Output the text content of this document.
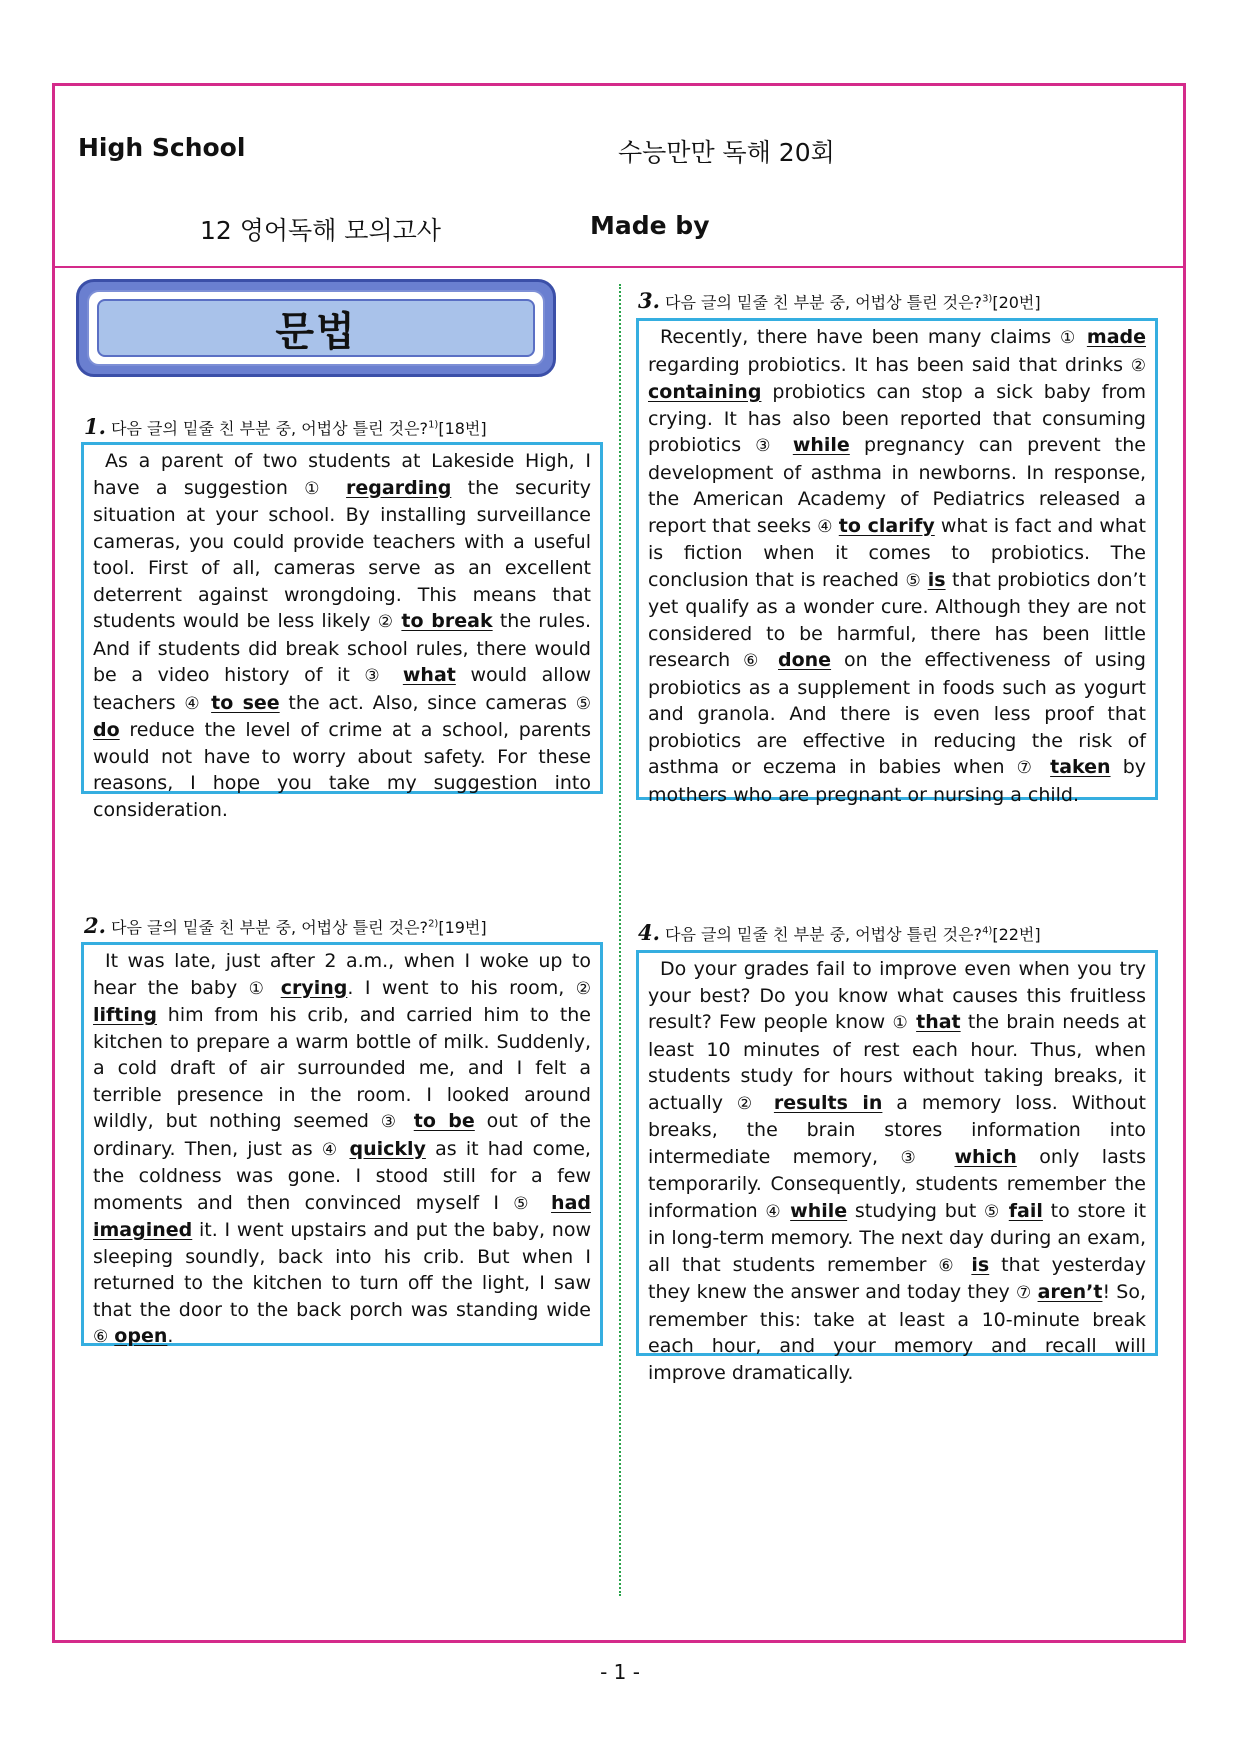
High School	수능만만 독해 20회
12 영어독해 모의고사	Made by
문법
1. 다음 글의 밑줄 친 부분 중, 어법상 틀린 것은?$^{1)}$[18번]

As a parent of two students at Lakeside High, I have a suggestion ① regarding the security situation at your school. By installing surveillance cameras, you could provide teachers with a useful tool. First of all, cameras serve as an excellent deterrent against wrongdoing. This means that students would be less likely ② to break the rules. And if students did break school rules, there would be a video history of it ③ what would allow teachers ④ to see the act. Also, since cameras ⑤ do reduce the level of crime at a school, parents would not have to worry about safety. For these reasons, I hope you take my suggestion into consideration.

2. 다음 글의 밑줄 친 부분 중, 어법상 틀린 것은?$^{2)}$[19번]

It was late, just after 2 a.m., when I woke up to hear the baby ① crying. I went to his room, ② lifting him from his crib, and carried him to the kitchen to prepare a warm bottle of milk. Suddenly, a cold draft of air surrounded me, and I felt a terrible presence in the room. I looked around wildly, but nothing seemed ③ to be out of the ordinary. Then, just as ④ quickly as it had come, the coldness was gone. I stood still for a few moments and then convinced myself I ⑤ had imagined it. I went upstairs and put the baby, now sleeping soundly, back into his crib. But when I returned to the kitchen to turn off the light, I saw that the door to the back porch was standing wide ⑥ open.

3. 다음 글의 밑줄 친 부분 중, 어법상 틀린 것은?$^{3)}$[20번]

Recently, there have been many claims ① made regarding probiotics. It has been said that drinks ② containing probiotics can stop a sick baby from crying. It has also been reported that consuming probiotics ③ while pregnancy can prevent the development of asthma in newborns. In response, the American Academy of Pediatrics released a report that seeks ④ to clarify what is fact and what is fiction when it comes to probiotics. The conclusion that is reached ⑤ is that probiotics don’t yet qualify as a wonder cure. Although they are not considered to be harmful, there has been little research ⑥ done on the effectiveness of using probiotics as a supplement in foods such as yogurt and granola. And there is even less proof that probiotics are effective in reducing the risk of asthma or eczema in babies when ⑦ taken by mothers who are pregnant or nursing a child.

4. 다음 글의 밑줄 친 부분 중, 어법상 틀린 것은?$^{4)}$[22번]

Do your grades fail to improve even when you try your best? Do you know what causes this fruitless result? Few people know ① that the brain needs at least 10 minutes of rest each hour. Thus, when students study for hours without taking breaks, it actually ② results in a memory loss. Without breaks, the brain stores information into intermediate memory, ③ which only lasts temporarily. Consequently, students remember the information ④ while studying but ⑤ fail to store it in long-term memory. The next day during an exam, all that students remember ⑥ is that yesterday they knew the answer and today they ⑦ aren’t! So, remember this: take at least a 10-minute break each hour, and your memory and recall will improve dramatically.

- 1 -
